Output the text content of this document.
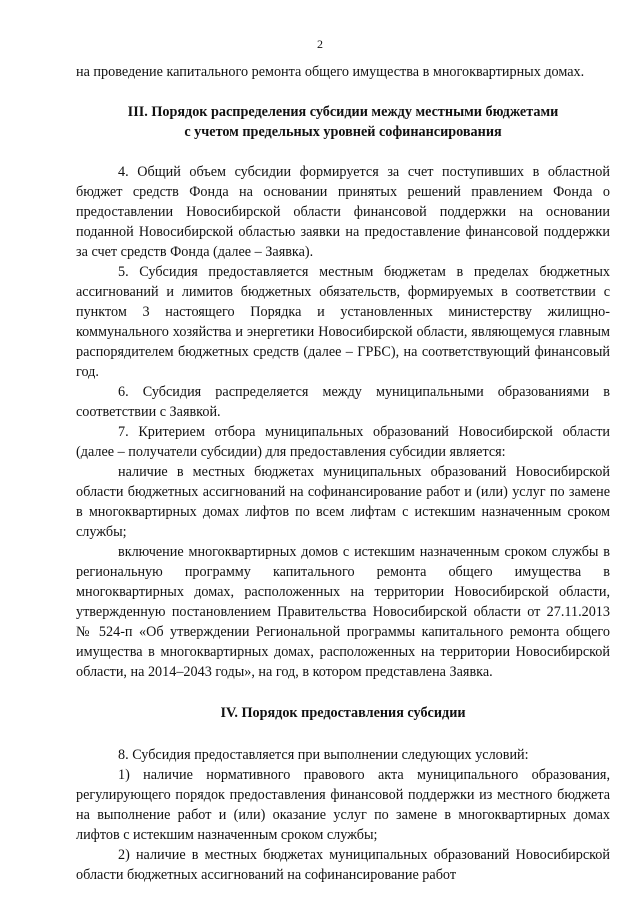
2

на проведение капитального ремонта общего имущества в многоквартирных домах.

III. Порядок распределения субсидии между местными бюджетами
с учетом предельных уровней софинансирования

4. Общий объем субсидии формируется за счет поступивших в областной бюджет средств Фонда на основании принятых решений правлением Фонда о предоставлении Новосибирской области финансовой поддержки на основании поданной Новосибирской областью заявки на предоставление финансовой поддержки за счет средств Фонда (далее – Заявка).

5. Субсидия предоставляется местным бюджетам в пределах бюджетных ассигнований и лимитов бюджетных обязательств, формируемых в соответствии с пунктом 3 настоящего Порядка и установленных министерству жилищно-коммунального хозяйства и энергетики Новосибирской области, являющемуся главным распорядителем бюджетных средств (далее – ГРБС), на соответствующий финансовый год.

6. Субсидия распределяется между муниципальными образованиями в соответствии с Заявкой.

7. Критерием отбора муниципальных образований Новосибирской области (далее – получатели субсидии) для предоставления субсидии является:

наличие в местных бюджетах муниципальных образований Новосибирской области бюджетных ассигнований на софинансирование работ и (или) услуг по замене в многоквартирных домах лифтов по всем лифтам с истекшим назначенным сроком службы;

включение многоквартирных домов с истекшим назначенным сроком службы в региональную программу капитального ремонта общего имущества в многоквартирных домах, расположенных на территории Новосибирской области, утвержденную постановлением Правительства Новосибирской области от 27.11.2013 № 524-п «Об утверждении Региональной программы капитального ремонта общего имущества в многоквартирных домах, расположенных на территории Новосибирской области, на 2014–2043 годы», на год, в котором представлена Заявка.

IV. Порядок предоставления субсидии

8. Субсидия предоставляется при выполнении следующих условий:

1) наличие нормативного правового акта муниципального образования, регулирующего порядок предоставления финансовой поддержки из местного бюджета на выполнение работ и (или) оказание услуг по замене в многоквартирных домах лифтов с истекшим назначенным сроком службы;

2) наличие в местных бюджетах муниципальных образований Новосибирской области бюджетных ассигнований на софинансирование работ
